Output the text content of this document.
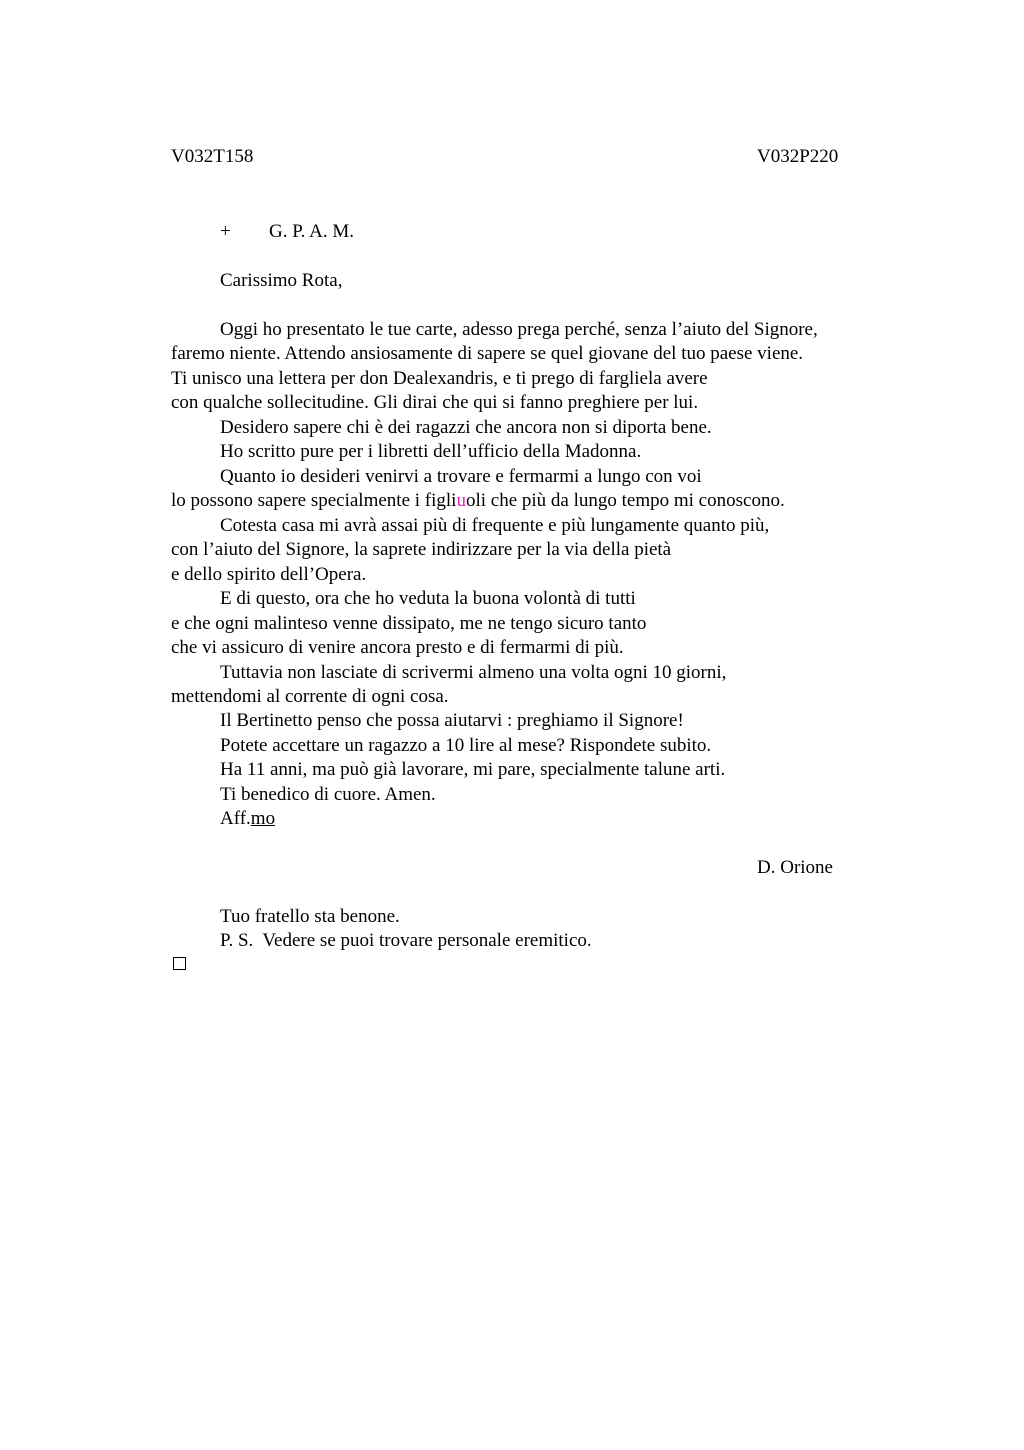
V032T158	V032P220
+ G. P. A. M.
Carissimo Rota,
Oggi ho presentato le tue carte, adesso prega perché, senza l’aiuto del Signore,
faremo niente. Attendo ansiosamente di sapere se quel giovane del tuo paese viene.
Ti unisco una lettera per don Dealexandris, e ti prego di fargliela avere
con qualche sollecitudine. Gli dirai che qui si fanno preghiere per lui.
Desidero sapere chi è dei ragazzi che ancora non si diporta bene.
Ho scritto pure per i libretti dell’ufficio della Madonna.
Quanto io desideri venirvi a trovare e fermarmi a lungo con voi
lo possono sapere specialmente i figliuoli che più da lungo tempo mi conoscono.
Cotesta casa mi avrà assai più di frequente e più lungamente quanto più,
con l’aiuto del Signore, la saprete indirizzare per la via della pietà
e dello spirito dell’Opera.
E di questo, ora che ho veduta la buona volontà di tutti
e che ogni malinteso venne dissipato, me ne tengo sicuro tanto
che vi assicuro di venire ancora presto e di fermarmi di più.
Tuttavia non lasciate di scrivermi almeno una volta ogni 10 giorni,
mettendomi al corrente di ogni cosa.
Il Bertinetto penso che possa aiutarvi : preghiamo il Signore!
Potete accettare un ragazzo a 10 lire al mese? Rispondete subito.
Ha 11 anni, ma può già lavorare, mi pare, specialmente talune arti.
Ti benedico di cuore. Amen.
Aff.mo
D. Orione
Tuo fratello sta benone.
P. S.  Vedere se puoi trovare personale eremitico.
